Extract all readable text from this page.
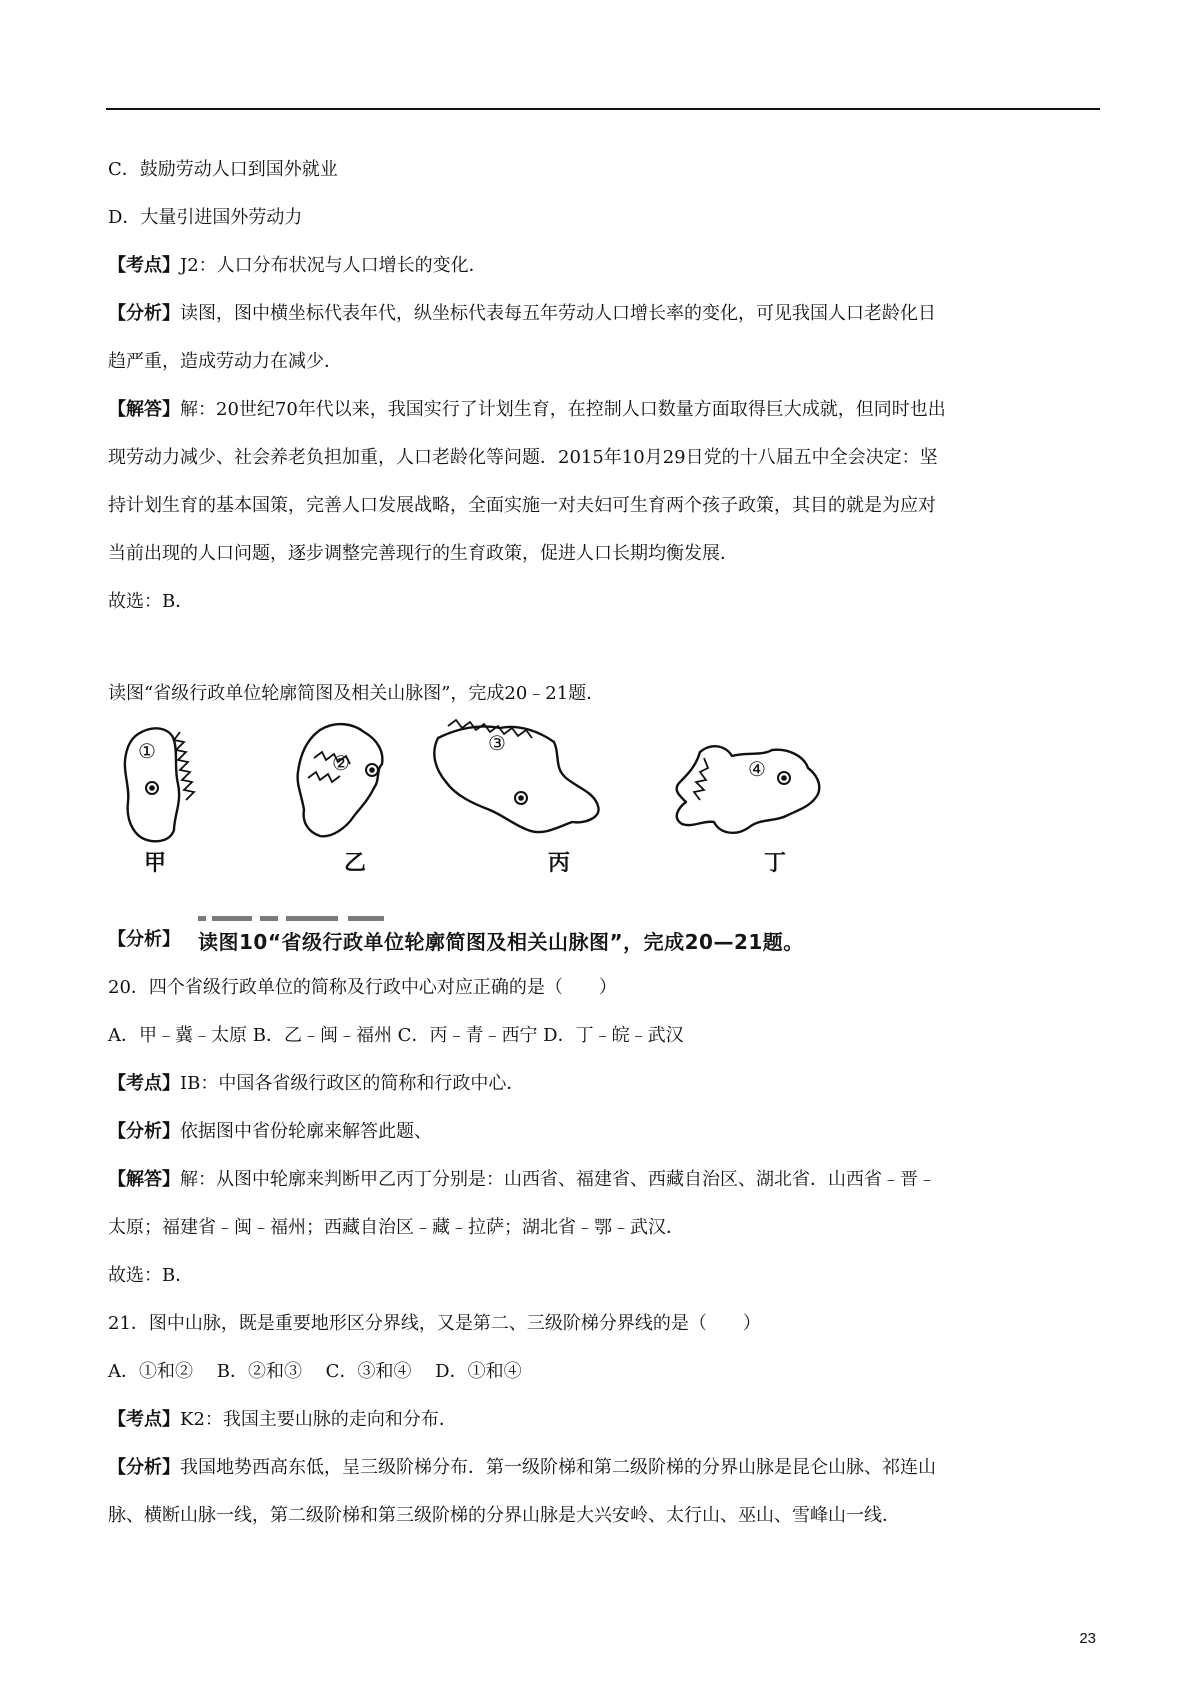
C．鼓励劳动人口到国外就业
D．大量引进国外劳动力
【考点】J2：人口分布状况与人口增长的变化．
【分析】读图，图中横坐标代表年代，纵坐标代表每五年劳动人口增长率的变化，可见我国人口老龄化日
趋严重，造成劳动力在减少．
【解答】解：20世纪70年代以来，我国实行了计划生育，在控制人口数量方面取得巨大成就，但同时也出
现劳动力减少、社会养老负担加重，人口老龄化等问题．2015年10月29日党的十八届五中全会决定：坚
持计划生育的基本国策，完善人口发展战略，全面实施一对夫妇可生育两个孩子政策，其目的就是为应对
当前出现的人口问题，逐步调整完善现行的生育政策，促进人口长期均衡发展．
故选：B．
读图“省级行政单位轮廓简图及相关山脉图”，完成20﹣21题．
①	②
③
④
甲	乙	丙	丁
【分析】 读图10“省级行政单位轮廓简图及相关山脉图”，完成20—21题。
20．四个省级行政单位的简称及行政中心对应正确的是（　　）
A．甲﹣冀﹣太原 B．乙﹣闽﹣福州 C．丙﹣青﹣西宁 D．丁﹣皖﹣武汉
【考点】IB：中国各省级行政区的简称和行政中心．
【分析】依据图中省份轮廓来解答此题、
【解答】解：从图中轮廓来判断甲乙丙丁分别是：山西省、福建省、西藏自治区、湖北省．山西省﹣晋﹣
太原；福建省﹣闽﹣福州；西藏自治区﹣藏﹣拉萨；湖北省﹣鄂﹣武汉．
故选：B．
21．图中山脉，既是重要地形区分界线，又是第二、三级阶梯分界线的是（　　）
A．①和②　 B．②和③　 C．③和④　 D．①和④
【考点】K2：我国主要山脉的走向和分布．
【分析】我国地势西高东低，呈三级阶梯分布．第一级阶梯和第二级阶梯的分界山脉是昆仑山脉、祁连山
脉、横断山脉一线，第二级阶梯和第三级阶梯的分界山脉是大兴安岭、太行山、巫山、雪峰山一线．
23
